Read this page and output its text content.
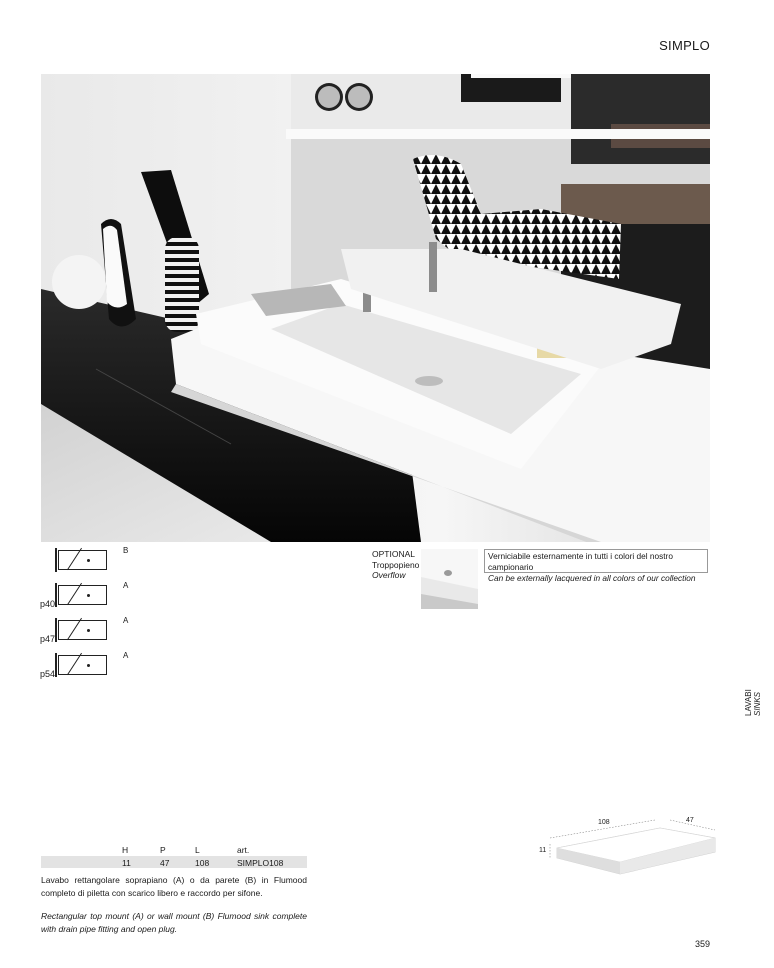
SIMPLO
B
p40
A
p47
A
p54
A
OPTIONAL
Troppopieno
Overflow
Verniciabile esternamente in tutti i colori del nostro campionario
Can be externally lacquered in all colors of our collection
LAVABI SINKS
H	P	L	art.
11	47	108	SIMPLO108
Lavabo rettangolare soprapiano (A) o da parete (B) in Flumood completo di piletta con scarico libero e raccordo per sifone.
Rectangular top mount (A) or wall mount (B) Flumood sink complete with drain pipe fitting and open plug.
108	47
11
359
